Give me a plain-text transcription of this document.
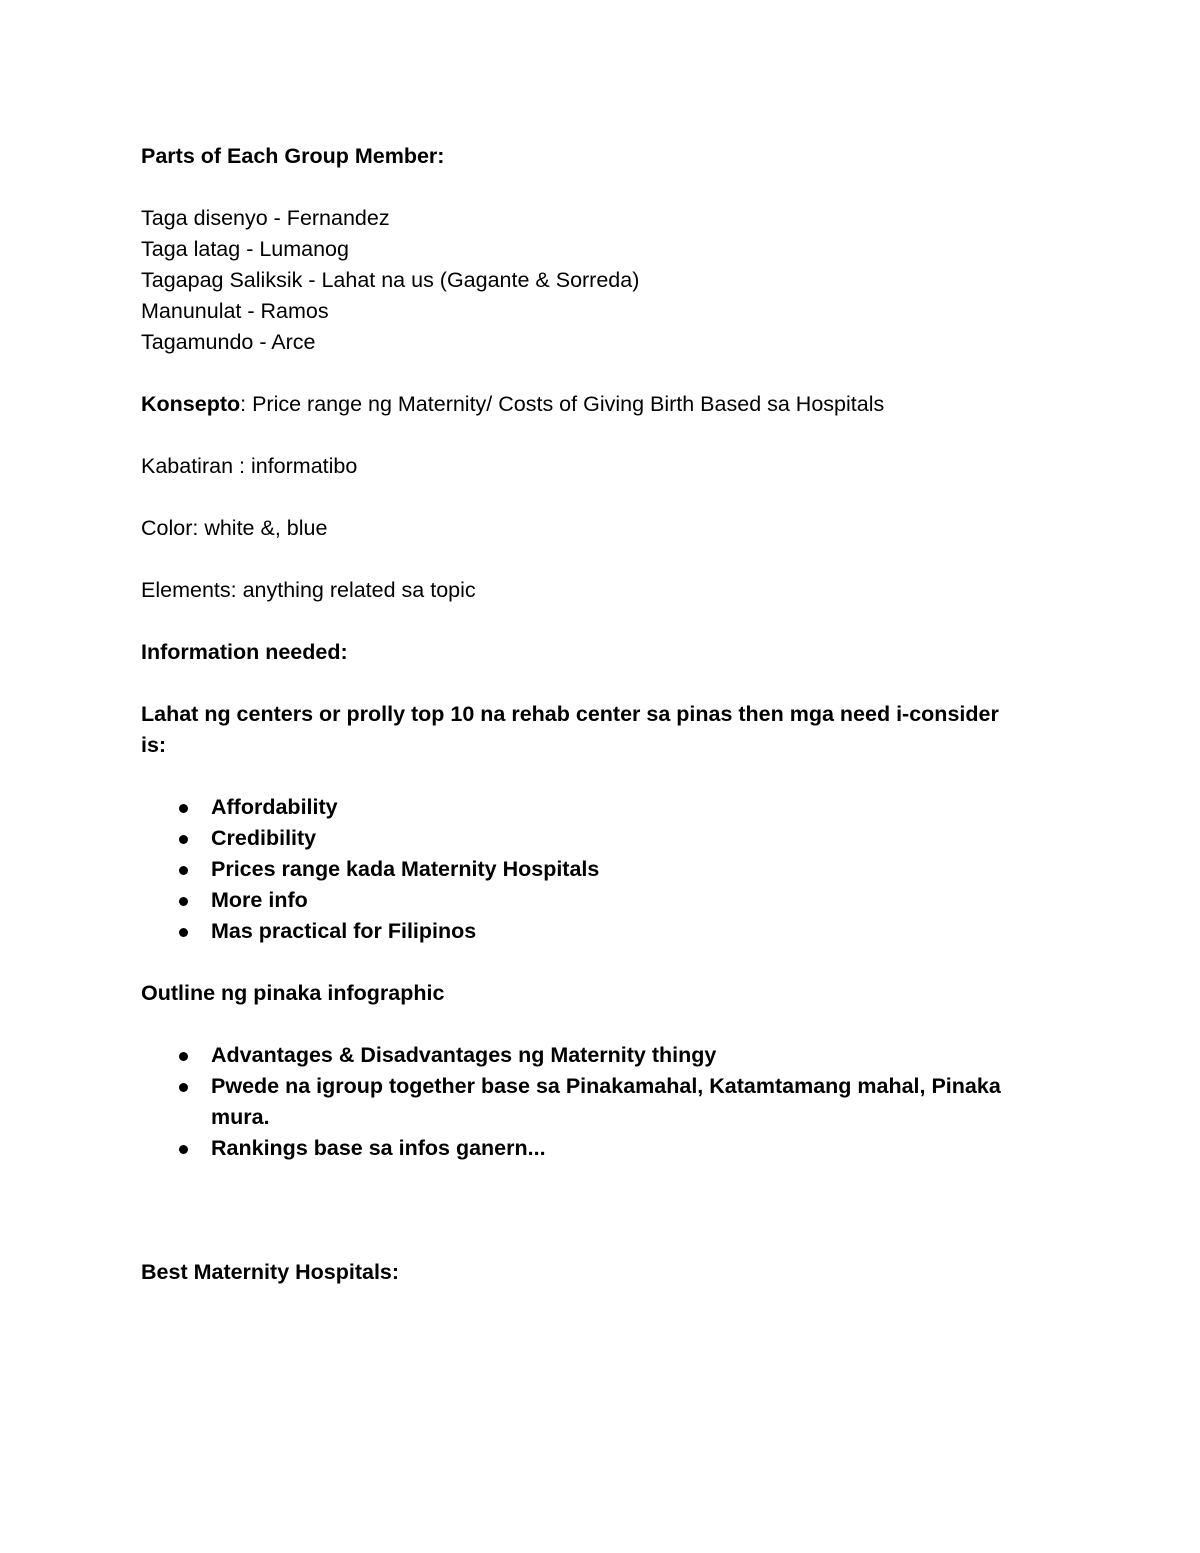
Parts of Each Group Member:
Taga disenyo - Fernandez
Taga latag - Lumanog
Tagapag Saliksik - Lahat na us (Gagante & Sorreda)
Manunulat - Ramos
Tagamundo - Arce
Konsepto: Price range ng Maternity/ Costs of Giving Birth Based sa Hospitals
Kabatiran : informatibo
Color: white &, blue
Elements: anything related sa topic
Information needed:
Lahat ng centers or prolly top 10 na rehab center sa pinas then mga need i-consider is:
Affordability
Credibility
Prices range kada Maternity Hospitals
More info
Mas practical for Filipinos
Outline ng pinaka infographic
Advantages & Disadvantages ng Maternity thingy
Pwede na igroup together base sa Pinakamahal, Katamtamang mahal, Pinaka mura.
Rankings base sa infos ganern...
Best Maternity Hospitals:
